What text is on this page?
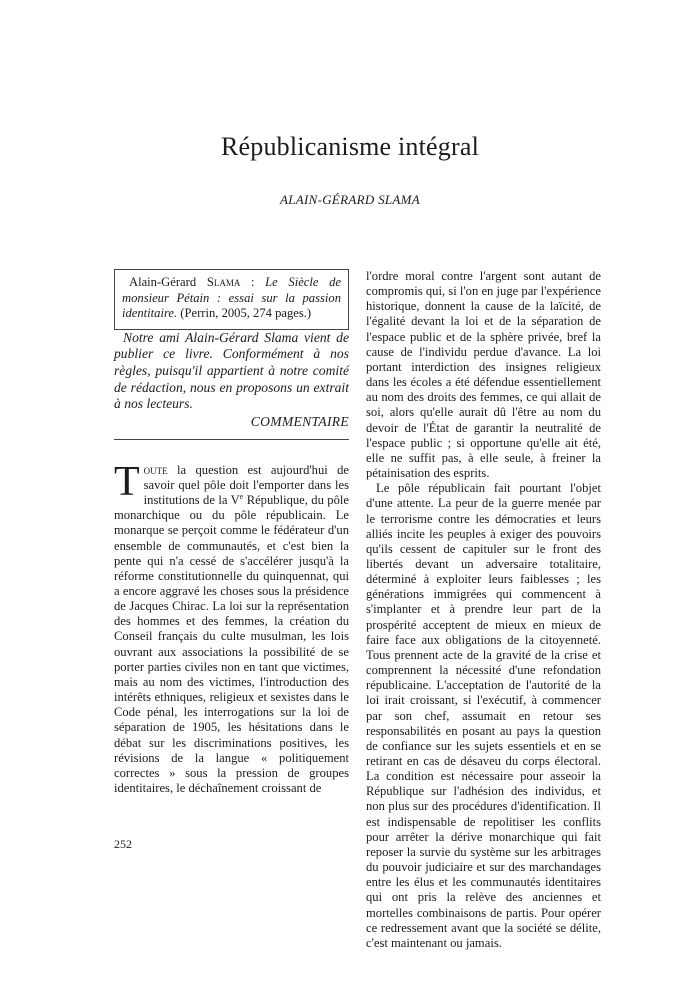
Républicanisme intégral
ALAIN-GÉRARD SLAMA
Alain-Gérard Slama : Le Siècle de monsieur Pétain : essai sur la passion identitaire. (Perrin, 2005, 274 pages.)

Notre ami Alain-Gérard Slama vient de publier ce livre. Conformément à nos règles, puisqu'il appartient à notre comité de rédaction, nous en proposons un extrait à nos lecteurs.

COMMENTAIRE

Toute la question est aujourd'hui de savoir quel pôle doit l'emporter dans les institutions de la Ve République, du pôle monarchique ou du pôle républicain. Le monarque se perçoit comme le fédérateur d'un ensemble de communautés, et c'est bien la pente qui n'a cessé de s'accélérer jusqu'à la réforme constitutionnelle du quinquennat, qui a encore aggravé les choses sous la présidence de Jacques Chirac. La loi sur la représentation des hommes et des femmes, la création du Conseil français du culte musulman, les lois ouvrant aux associations la possibilité de se porter parties civiles non en tant que victimes, mais au nom des victimes, l'introduction des intérêts ethniques, religieux et sexistes dans le Code pénal, les interrogations sur la loi de séparation de 1905, les hésitations dans le débat sur les discriminations positives, les révisions de la langue « politiquement correctes » sous la pression de groupes identitaires, le déchaînement croissant de

252

l'ordre moral contre l'argent sont autant de compromis qui, si l'on en juge par l'expérience historique, donnent la cause de la laïcité, de l'égalité devant la loi et de la séparation de l'espace public et de la sphère privée, bref la cause de l'individu perdue d'avance. La loi portant interdiction des insignes religieux dans les écoles a été défendue essentiellement au nom des droits des femmes, ce qui allait de soi, alors qu'elle aurait dû l'être au nom du devoir de l'État de garantir la neutralité de l'espace public ; si opportune qu'elle ait été, elle ne suffit pas, à elle seule, à freiner la pétainisation des esprits.

Le pôle républicain fait pourtant l'objet d'une attente. La peur de la guerre menée par le terrorisme contre les démocraties et leurs alliés incite les peuples à exiger des pouvoirs qu'ils cessent de capituler sur le front des libertés devant un adversaire totalitaire, déterminé à exploiter leurs faiblesses ; les générations immigrées qui commencent à s'implanter et à prendre leur part de la prospérité acceptent de mieux en mieux de faire face aux obligations de la citoyenneté. Tous prennent acte de la gravité de la crise et comprennent la nécessité d'une refondation républicaine. L'acceptation de l'autorité de la loi irait croissant, si l'exécutif, à commencer par son chef, assumait en retour ses responsabilités en posant au pays la question de confiance sur les sujets essentiels et en se retirant en cas de désaveu du corps électoral. La condition est nécessaire pour asseoir la République sur l'adhésion des individus, et non plus sur des procédures d'identification. Il est indispensable de repolitiser les conflits pour arrêter la dérive monarchique qui fait reposer la survie du système sur les arbitrages du pouvoir judiciaire et sur des marchandages entre les élus et les communautés identitaires qui ont pris la relève des anciennes et mortelles combinaisons de partis. Pour opérer ce redressement avant que la société se délite, c'est maintenant ou jamais.
